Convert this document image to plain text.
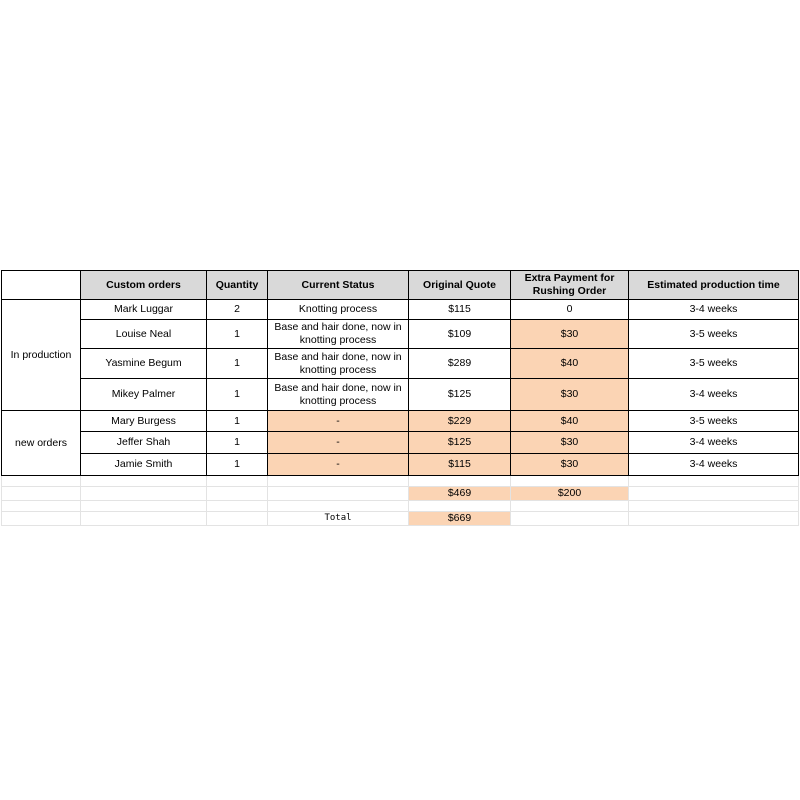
	Custom orders	Quantity	Current Status	Original Quote	Extra Payment for Rushing Order	Estimated production time
In production	Mark Luggar	2	Knotting process	$115	0	3-4 weeks
	Louise Neal	1	Base and hair done, now in knotting process	$109	$30	3-5 weeks
	Yasmine Begum	1	Base and hair done, now in knotting process	$289	$40	3-5 weeks
	Mikey Palmer	1	Base and hair done, now in knotting process	$125	$30	3-4 weeks
new orders	Mary Burgess	1	-	$229	$40	3-5 weeks
	Jeffer Shah	1	-	$125	$30	3-4 weeks
	Jamie Smith	1	-	$115	$30	3-4 weeks

				$469	$200	

			Total	$669		
